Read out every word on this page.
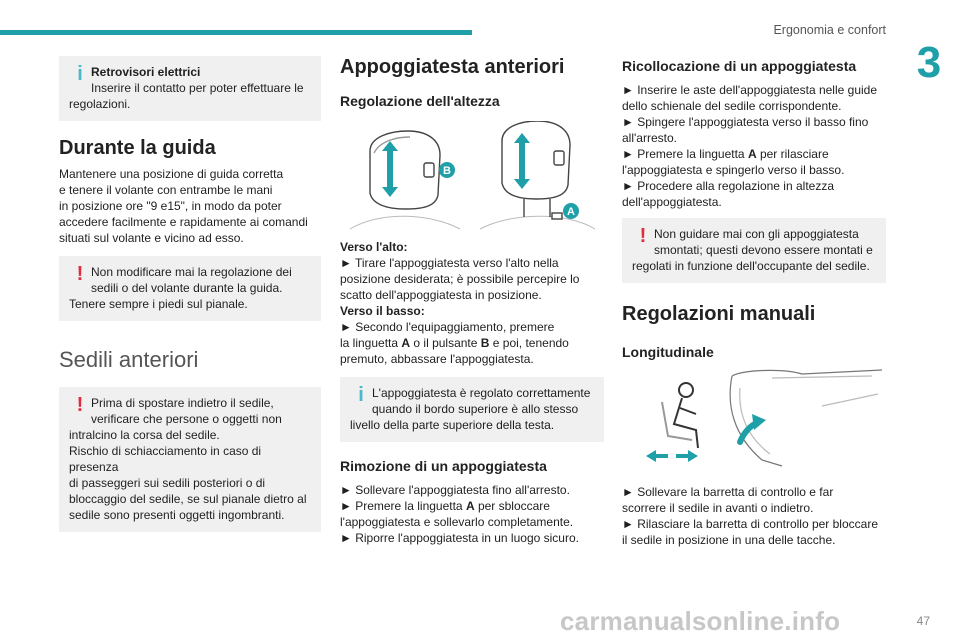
Ergonomia e confort
3
i Retrovisori elettrici
Inserire il contatto per poter effettuare le
regolazioni.
Durante la guida

Mantenere una posizione di guida corretta

e tenere il volante con entrambe le mani

in posizione ore "9 e15", in modo da poter

accedere facilmente e rapidamente ai comandi

situati sul volante e vicino ad esso.

! Non modificare mai la regolazione dei
sedili o del volante durante la guida.
Tenere sempre i piedi sul pianale.
Sedili anteriori
! Prima di spostare indietro il sedile,
verificare che persone o oggetti non
intralcino la corsa del sedile.
Rischio di schiacciamento in caso di presenza
di passeggeri sui sedili posteriori o di
bloccaggio del sedile, se sul pianale dietro al
sedile sono presenti oggetti ingombranti.
Appoggiatesta anteriori
Regolazione dell'altezza
B
A

Verso l'alto:

► Tirare l'appoggiatesta verso l'alto nella

posizione desiderata; è possibile percepire lo

scatto dell'appoggiatesta in posizione.

Verso il basso:

► Secondo l'equipaggiamento, premere

la linguetta A o il pulsante B e poi, tenendo

premuto, abbassare l'appoggiatesta.

i L'appoggiatesta è regolato correttamente
quando il bordo superiore è allo stesso
livello della parte superiore della testa.
Rimozione di un appoggiatesta

► Sollevare l'appoggiatesta fino all'arresto.

► Premere la linguetta A per sbloccare

l'appoggiatesta e sollevarlo completamente.

► Riporre l'appoggiatesta in un luogo sicuro.

Ricollocazione di un appoggiatesta

► Inserire le aste dell'appoggiatesta nelle guide

dello schienale del sedile corrispondente.

► Spingere l'appoggiatesta verso il basso fino

all'arresto.

► Premere la linguetta A per rilasciare

l'appoggiatesta e spingerlo verso il basso.

► Procedere alla regolazione in altezza

dell'appoggiatesta.

! Non guidare mai con gli appoggiatesta
smontati; questi devono essere montati e
regolati in funzione dell'occupante del sedile.
Regolazioni manuali
Longitudinale

► Sollevare la barretta di controllo e far

scorrere il sedile in avanti o indietro.

► Rilasciare la barretta di controllo per bloccare

il sedile in posizione in una delle tacche.

carmanualsonline.info	47
